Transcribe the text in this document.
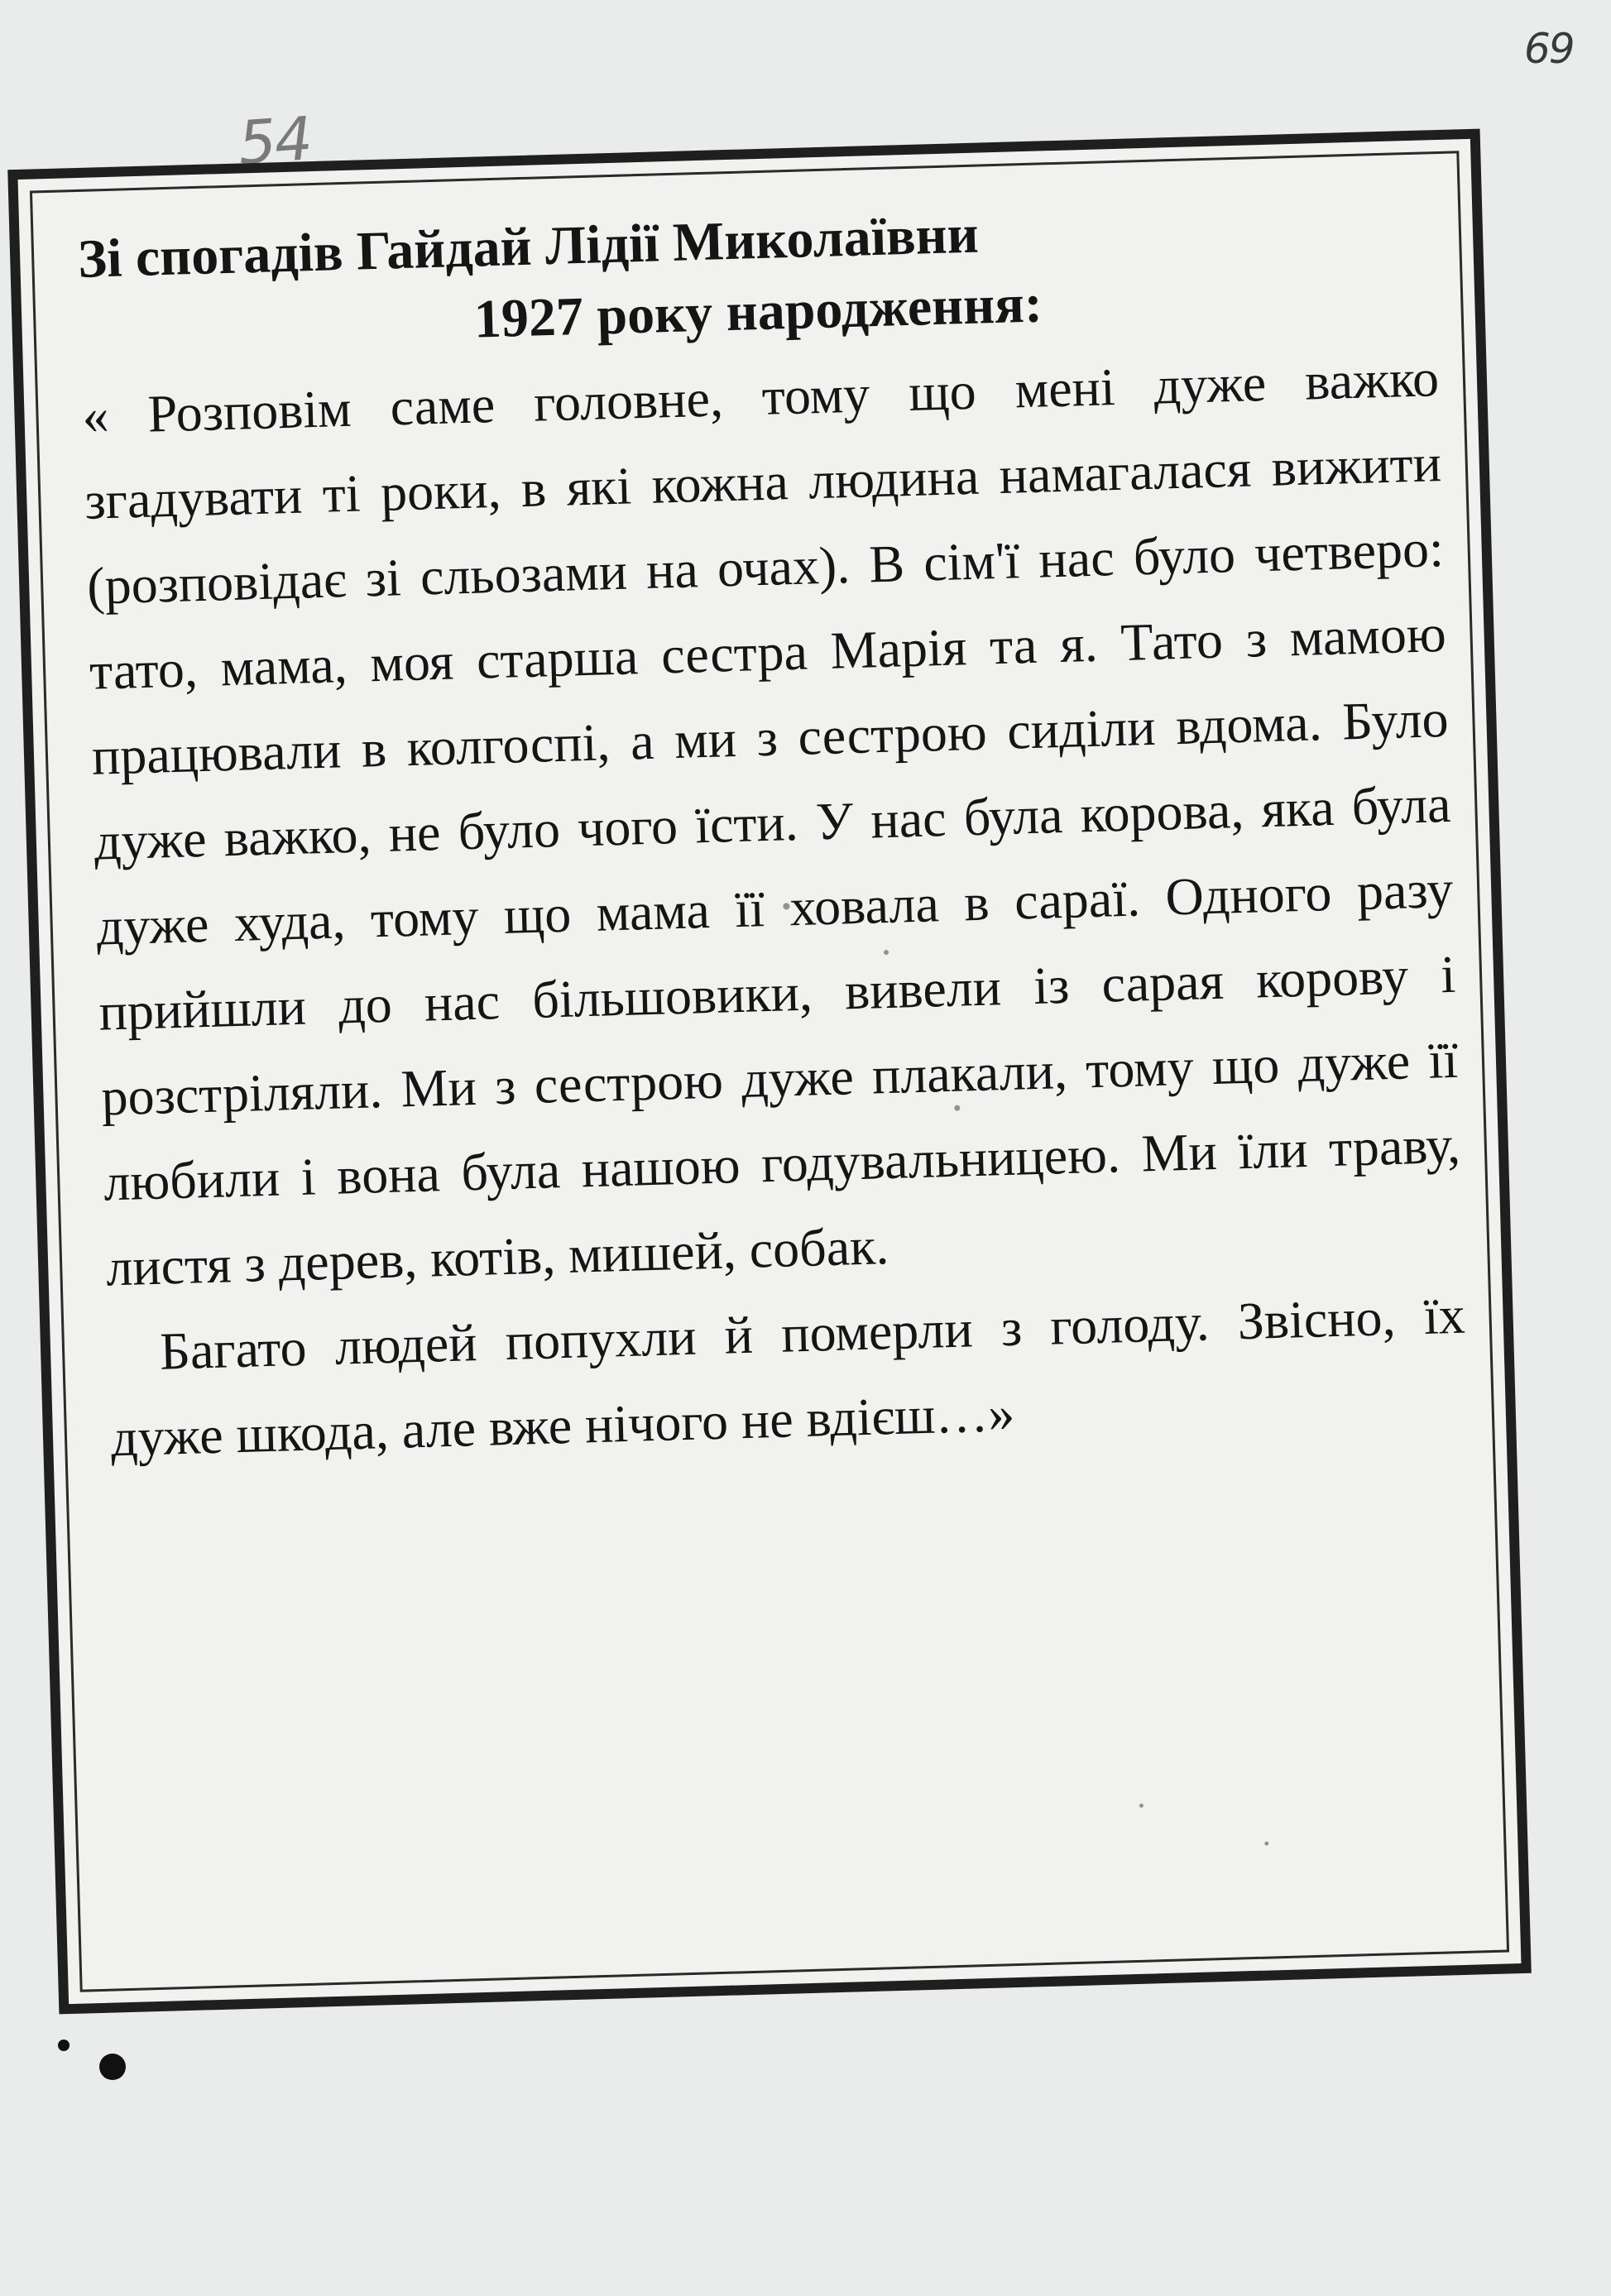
69
54
Зі спогадів Гайдай Лідії Миколаївни
1927 року народження:

« Розповім саме головне, тому що мені дуже важко згадувати ті роки, в які кожна людина намагалася вижити (розповідає зі сльозами на очах). В сім'ї нас було четверо: тато, мама, моя старша сестра Марія та я. Тато з мамою працювали в колгоспі, а ми з сестрою сиділи вдома. Було дуже важко, не було чого їсти. У нас була корова, яка була дуже худа, тому що мама її ховала в сараї. Одного разу прийшли до нас більшовики, вивели із сарая корову і розстріляли. Ми з сестрою дуже плакали, тому що дуже її любили і вона була нашою годувальницею. Ми їли траву, листя з дерев, котів, мишей, собак.

Багато людей попухли й померли з голоду. Звісно, їх дуже шкода, але вже нічого не вдієш…»
